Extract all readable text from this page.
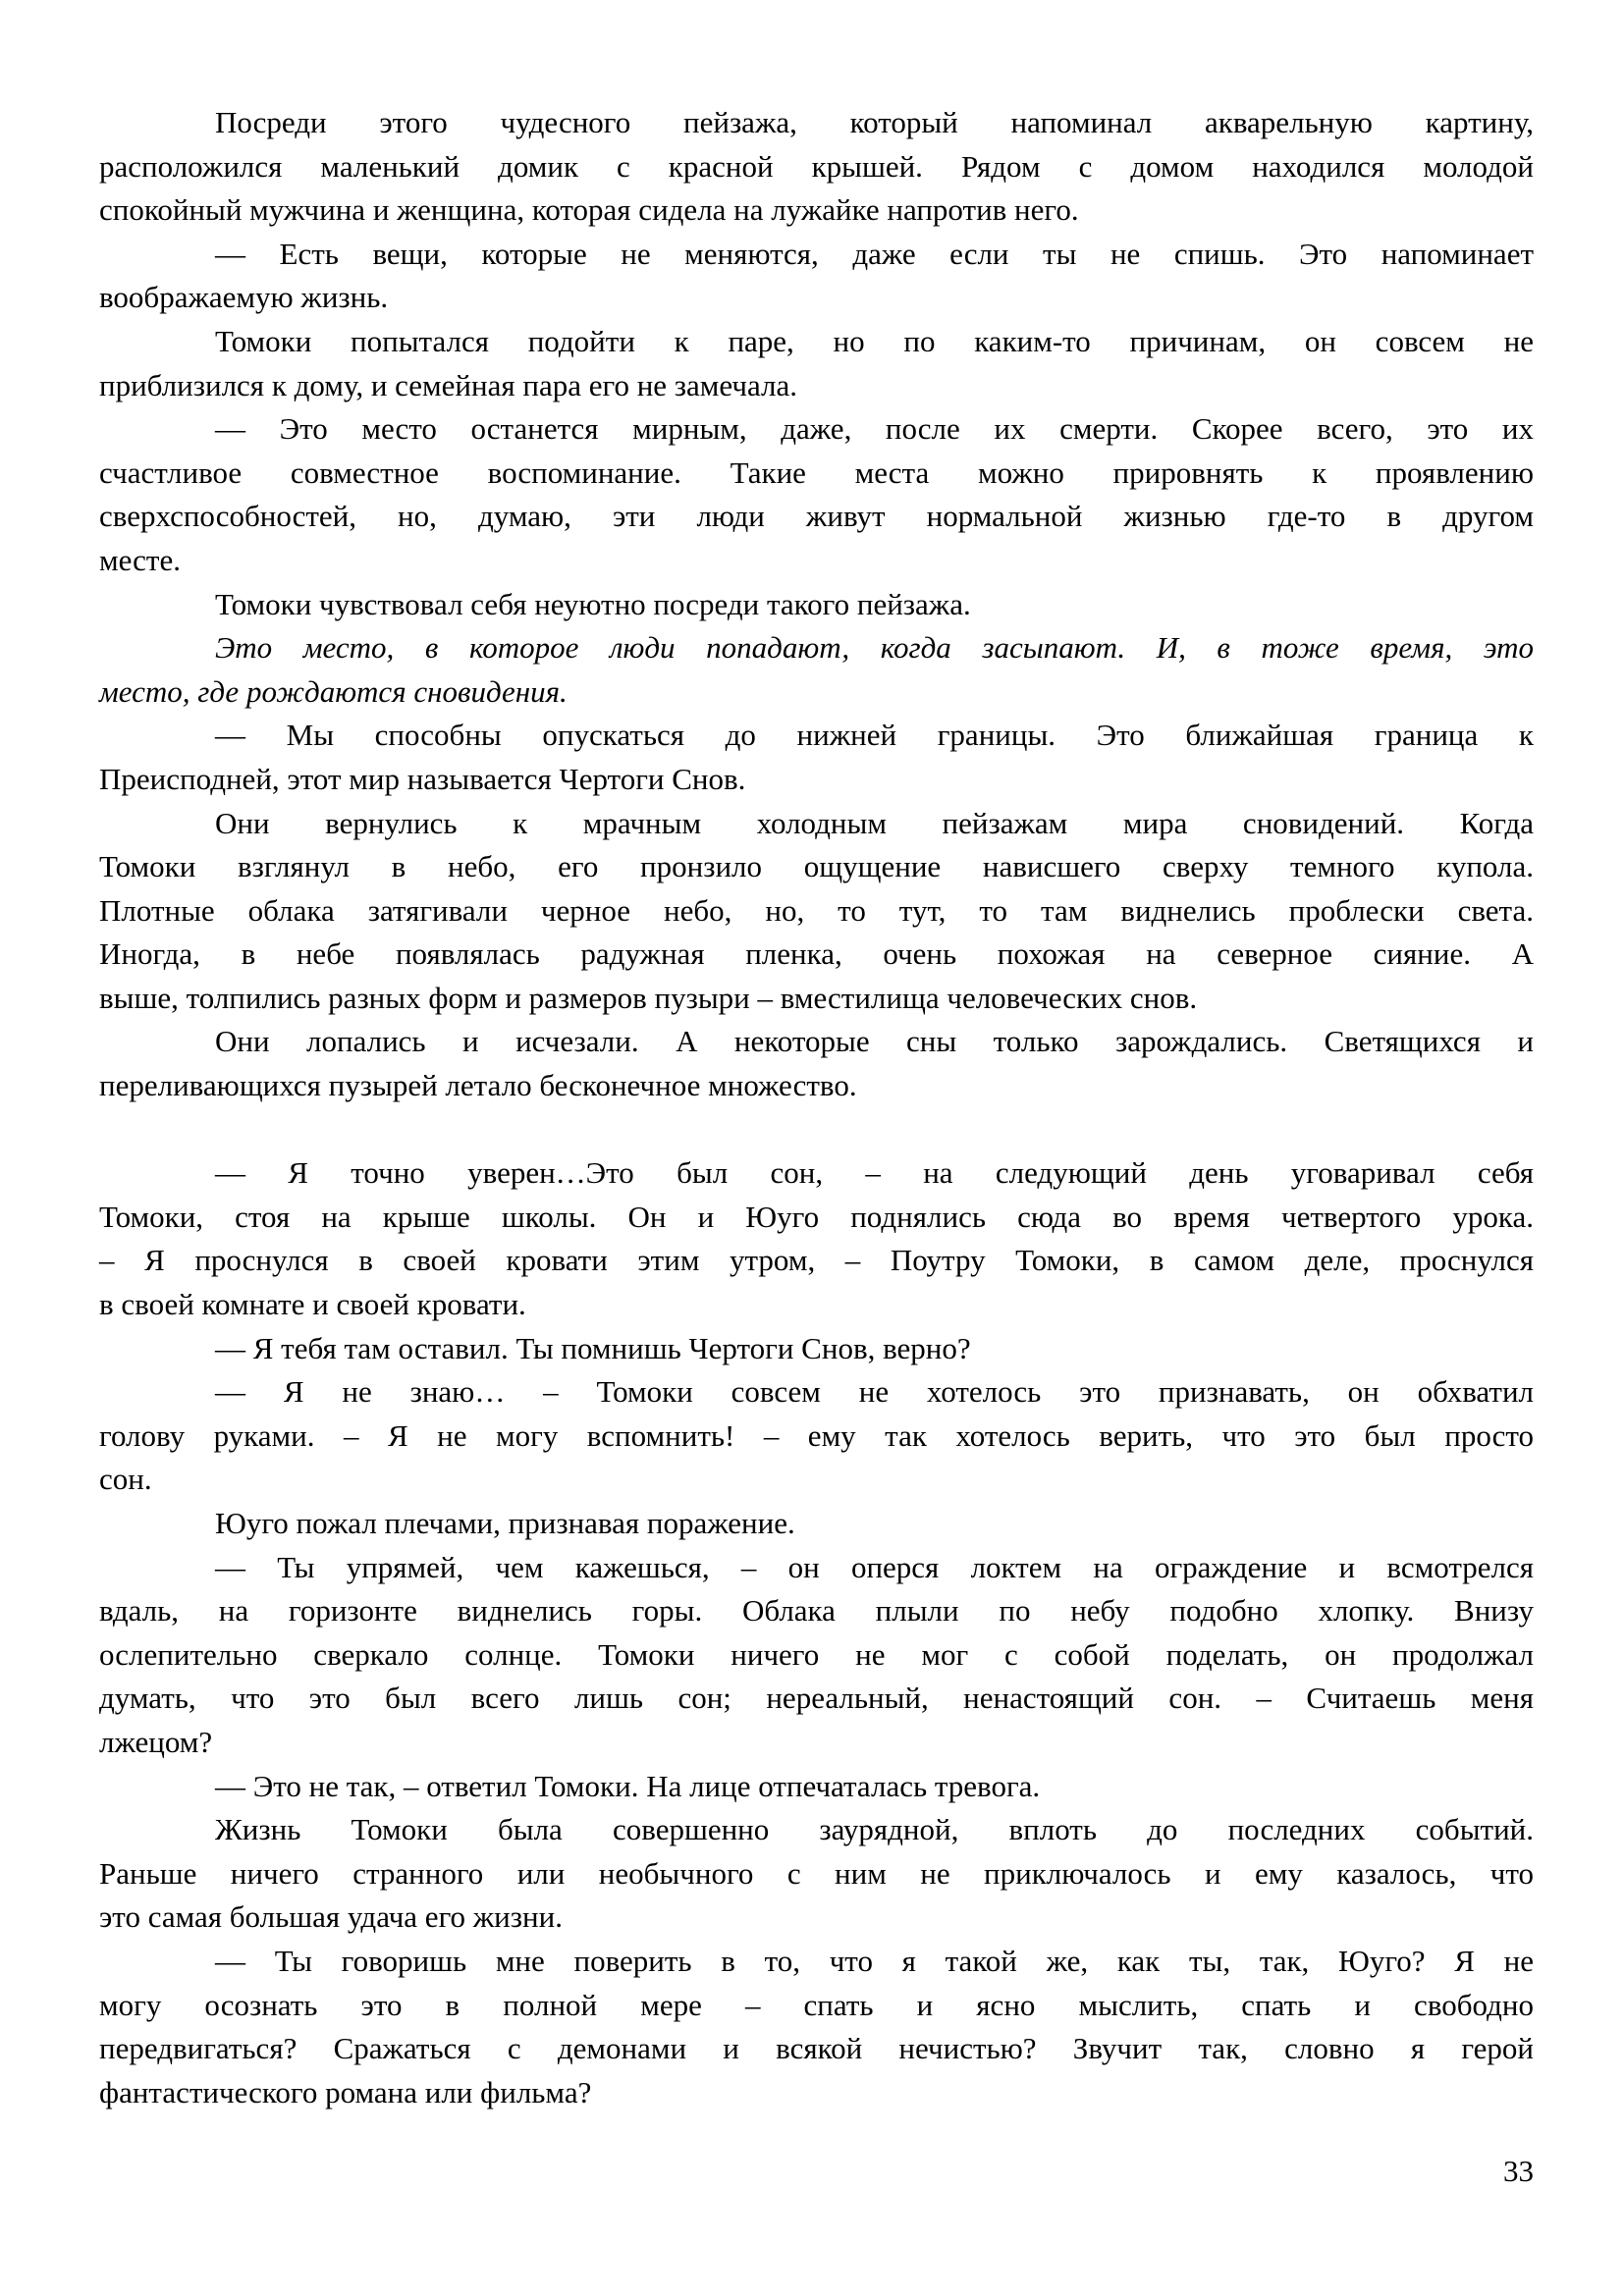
Посреди этого чудесного пейзажа, который напоминал акварельную картину,
расположился маленький домик с красной крышей. Рядом с домом находился молодой
спокойный мужчина и женщина, которая сидела на лужайке напротив него.
— Есть вещи, которые не меняются, даже если ты не спишь. Это напоминает
воображаемую жизнь.
Томоки попытался подойти к паре, но по каким-то причинам, он совсем не
приблизился к дому, и семейная пара его не замечала.
— Это место останется мирным, даже, после их смерти. Скорее всего, это их
счастливое совместное воспоминание. Такие места можно прировнять к проявлению
сверхспособностей, но, думаю, эти люди живут нормальной жизнью где-то в другом
месте.
Томоки чувствовал себя неуютно посреди такого пейзажа.
Это место, в которое люди попадают, когда засыпают. И, в тоже время, это
место, где рождаются сновидения.
— Мы способны опускаться до нижней границы. Это ближайшая граница к
Преисподней, этот мир называется Чертоги Снов.
Они вернулись к мрачным холодным пейзажам мира сновидений. Когда
Томоки взглянул в небо, его пронзило ощущение нависшего сверху темного купола.
Плотные облака затягивали черное небо, но, то тут, то там виднелись проблески света.
Иногда, в небе появлялась радужная пленка, очень похожая на северное сияние. А
выше, толпились разных форм и размеров пузыри – вместилища человеческих снов.
Они лопались и исчезали. А некоторые сны только зарождались. Светящихся и
переливающихся пузырей летало бесконечное множество.
— Я точно уверен…Это был сон, – на следующий день уговаривал себя
Томоки, стоя на крыше школы. Он и Юуго поднялись сюда во время четвертого урока.
– Я проснулся в своей кровати этим утром, – Поутру Томоки, в самом деле, проснулся
в своей комнате и своей кровати.
— Я тебя там оставил. Ты помнишь Чертоги Снов, верно?
— Я не знаю… – Томоки совсем не хотелось это признавать, он обхватил
голову руками. – Я не могу вспомнить! – ему так хотелось верить, что это был просто
сон.
Юуго пожал плечами, признавая поражение.
— Ты упрямей, чем кажешься, – он оперся локтем на ограждение и всмотрелся
вдаль, на горизонте виднелись горы. Облака плыли по небу подобно хлопку. Внизу
ослепительно сверкало солнце. Томоки ничего не мог с собой поделать, он продолжал
думать, что это был всего лишь сон; нереальный, ненастоящий сон. – Считаешь меня
лжецом?
— Это не так, – ответил Томоки. На лице отпечаталась тревога.
Жизнь Томоки была совершенно заурядной, вплоть до последних событий.
Раньше ничего странного или необычного с ним не приключалось и ему казалось, что
это самая большая удача его жизни.
— Ты говоришь мне поверить в то, что я такой же, как ты, так, Юуго? Я не
могу осознать это в полной мере – спать и ясно мыслить, спать и свободно
передвигаться? Сражаться с демонами и всякой нечистью? Звучит так, словно я герой
фантастического романа или фильма?
33
